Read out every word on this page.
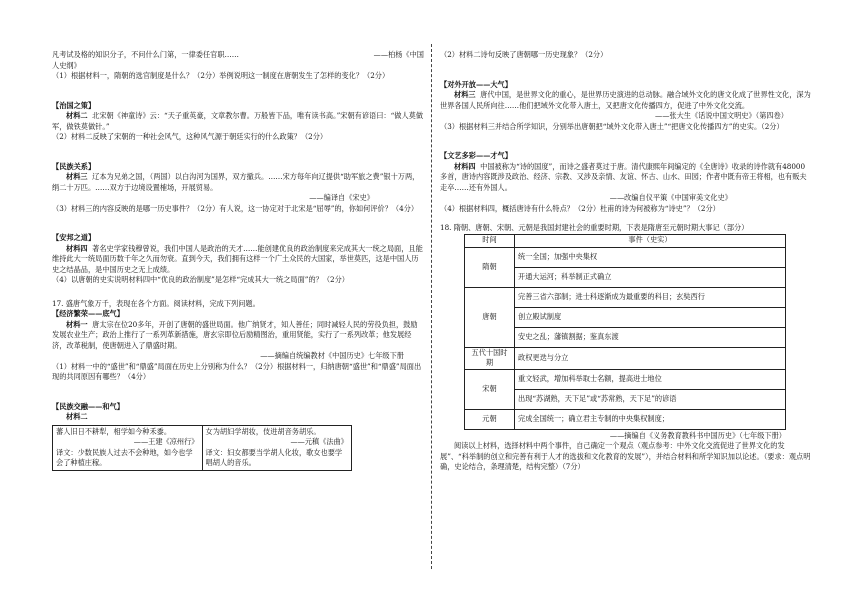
凡考试及格的知识分子，不问什么门第，一律委任官职……	——柏杨《中国

人史纲》

（1）根据材料一，隋朝的选官制度是什么？（2分）举例说明这一制度在唐朝发生了怎样的变化？（2分）

【治国之策】

材料二 北宋朝《神童诗》云：“天子重英豪，文章教尔曹。万般皆下品，唯有读书高。”宋朝有谚语曰：“做人莫做军，做铁莫做针。”

（2）材料二反映了宋朝的一种社会风气，这种风气源于朝廷实行的什么政策？（2分）

【民族关系】

材料三 辽本为兄弟之国，（两国）以白沟河为国界，双方撤兵。……宋方每年向辽提供“助军旅之费”银十万两，绢二十万匹。……双方于边境设置榷场，开展贸易。

——编译自《宋史》

（3）材料三的内容反映的是哪一历史事件？（2分）有人说，这一协定对于北宋是“屈辱”的，你如何评价？（4分）

【安邦之道】

材料四 著名史学家钱穆曾说，我们中国人是政治的天才……能创建优良的政治制度来完成其大一统之局面，且能维持此大一统局面历数千年之久而勿衰。直到今天，我们拥有这样一个广土众民的大国家，举世莫匹，这是中国人历史之结晶品，是中国历史之无上成绩。

（4）以唐朝的史实说明材料四中“优良的政治制度”是怎样“完成其大一统之局面”的？（2分）

17. 盛唐气象万千，表现在各个方面。阅读材料，完成下列问题。

【经济繁荣——底气】

材料一 唐太宗在位20多年，开创了唐朝的盛世局面。他广纳贤才，知人善任；同时减轻人民的劳役负担，鼓励发展农业生产；政治上推行了一系列革新措施，唐玄宗即位后励精图治，重用贤能，实行了一系列改革；他发展经济，改革税制，使唐朝进入了鼎盛时期。

——摘编自统编教材《中国历史》七年级下册

（1）材料一中的“盛世”和“鼎盛”局面在历史上分别称为什么？（2分）根据材料一，归纳唐朝“盛世”和“鼎盛”局面出现的共同原因有哪些？（4分）

【民族交融——和气】

材料二

蕃人旧日不耕犁，相学如今种禾黍。

——王建《凉州行》

译文：少数民族人过去不会种地，如今也学会了种植庄稼。

女为胡妇学胡妆，伎进胡音务胡乐。

——元稹《法曲》

译文：妇女都要当学胡人化妆，歌女也要学唱胡人的音乐。

（2）材料二诗句反映了唐朝哪一历史现象？（2分）

【对外开放——大气】

材料三 唐代中国，是世界文化的重心，是世界历史演进的总动脉。融合域外文化的唐文化成了世界性文化，深为世界各国人民所向往……他们把域外文化带入唐土，又把唐文化传播四方，促进了中外文化交流。

——张大生《话说中国文明史》（第四卷）

（3）根据材料三并结合所学知识，分别举出唐朝把“域外文化带入唐土”“把唐文化传播四方”的史实。（2分）

【文艺多彩——才气】

材料四 中国被称为“诗的国度”，而诗之盛者莫过于唐。清代康熙年间编定的《全唐诗》收录的诗作就有48000多首，唐诗内容既涉及政治、经济、宗教、又涉及亲情、友谊、怀古、山水、田园；作者中既有帝王将相，也有贩夫走卒……还有外国人。

——改编自仪平策《中国审美文化史》

（4）根据材料四，概括唐诗有什么特点？（2分）杜甫的诗为何被称为“诗史”？（2分）

18. 隋朝、唐朝、宋朝、元朝是我国封建社会的重要时期，下表是隋唐至元朝时期大事记（部分）

时间	事件（史实）
隋朝	统一全国；加强中央集权
	开通大运河；科举制正式确立
唐朝	完善三省六部制；进士科逐渐成为最重要的科目；玄奘西行
	创立殿试制度
	安史之乱；藩镇割据；鉴真东渡
五代十国时期	政权更迭与分立
宋朝	重文轻武，增加科举取士名额，提高进士地位
	出现“苏湖熟，天下足”或“苏常熟，天下足”的谚语
元朝	完成全国统一；确立君主专制的中央集权制度；

——摘编自《义务教育教科书中国历史》（七年级下册）

阅读以上材料，选择材料中两个事件，自己确定一个观点（观点参考：中外文化交流促进了世界文化的发展”、“科举制的创立和完善有利于人才的选拔和文化教育的发展”），并结合材料和所学知识加以论述。（要求：观点明确，史论结合，条理清楚，结构完整）（7分）
